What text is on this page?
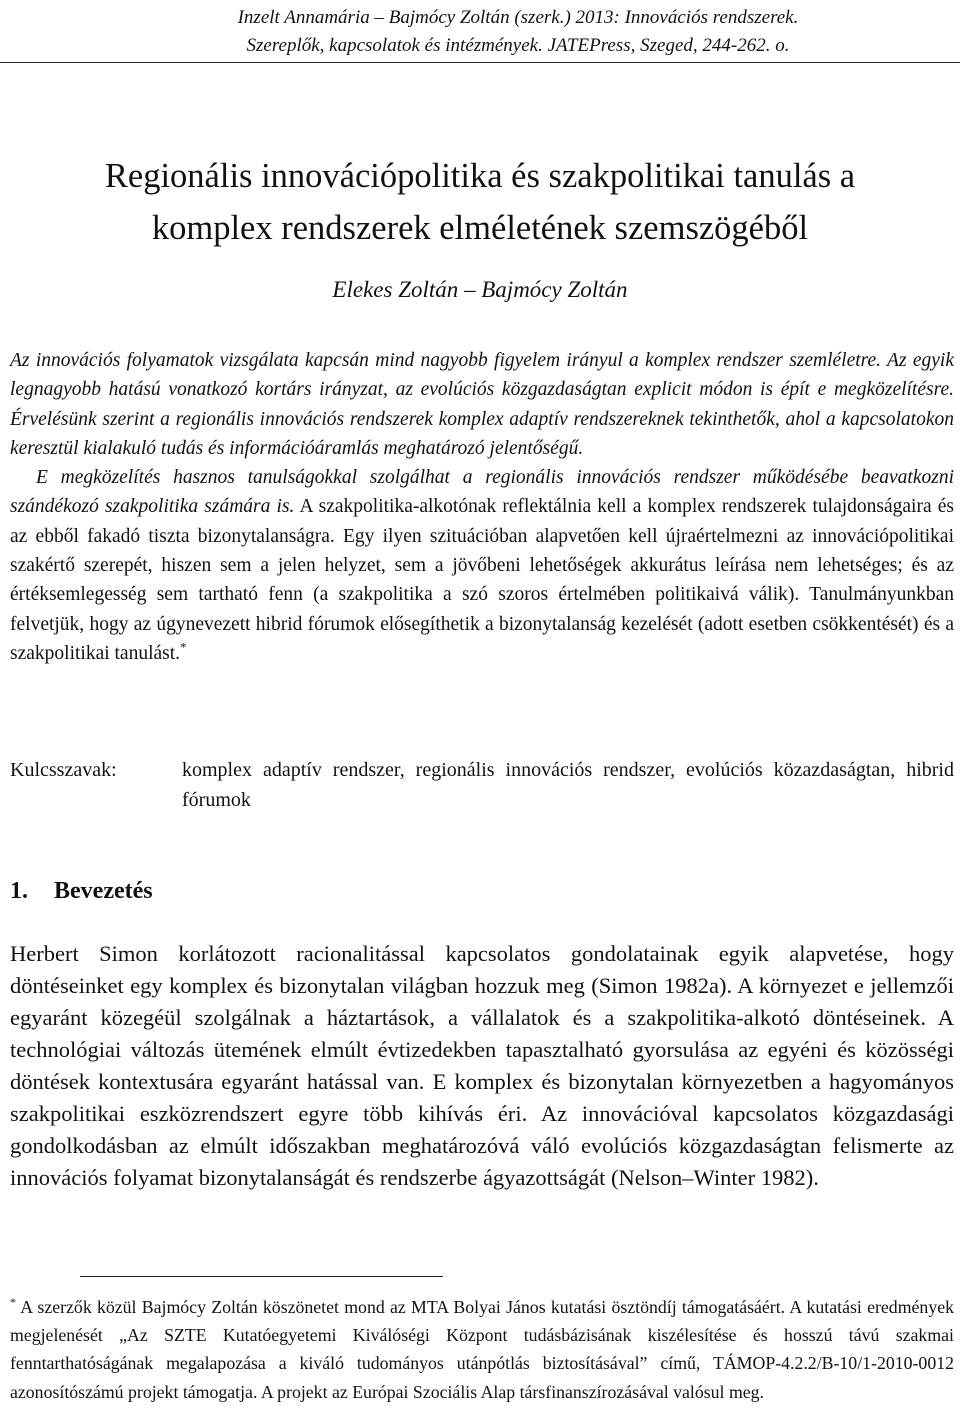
Inzelt Annamária – Bajmócy Zoltán (szerk.) 2013: Innovációs rendszerek.
Szereplők, kapcsolatok és intézmények. JATEPress, Szeged, 244-262. o.
Regionális innovációpolitika és szakpolitikai tanulás a
komplex rendszerek elméletének szemszögéből
Elekes Zoltán – Bajmócy Zoltán

Az innovációs folyamatok vizsgálata kapcsán mind nagyobb figyelem irányul a komplex rendszer szemléletre. Az egyik legnagyobb hatású vonatkozó kortárs irányzat, az evolúciós közgazdaságtan explicit módon is épít e megközelítésre. Érvelésünk szerint a regionális innovációs rendszerek komplex adaptív rendszereknek tekinthetők, ahol a kapcsolatokon keresztül kialakuló tudás és információáramlás meghatározó jelentőségű.

E megközelítés hasznos tanulságokkal szolgálhat a regionális innovációs rendszer működésébe beavatkozni szándékozó szakpolitika számára is. A szakpolitika-alkotónak reflektálnia kell a komplex rendszerek tulajdonságaira és az ebből fakadó tiszta bizonytalanságra. Egy ilyen szituációban alapvetően kell újraértelmezni az innovációpolitikai szakértő szerepét, hiszen sem a jelen helyzet, sem a jövőbeni lehetőségek akkurátus leírása nem lehetséges; és az értéksemlegesség sem tartható fenn (a szakpolitika a szó szoros értelmében politikaivá válik). Tanulmányunkban felvetjük, hogy az úgynevezett hibrid fórumok elősegíthetik a bizonytalanság kezelését (adott esetben csökkentését) és a szakpolitikai tanulást.*

Kulcsszavak:	komplex adaptív rendszer, regionális innovációs rendszer, evolúciós közazdaságtan, hibrid fórumok
1. Bevezetés

Herbert Simon korlátozott racionalitással kapcsolatos gondolatainak egyik alapvetése, hogy döntéseinket egy komplex és bizonytalan világban hozzuk meg (Simon 1982a). A környezet e jellemzői egyaránt közegéül szolgálnak a háztartások, a vállalatok és a szakpolitika-alkotó döntéseinek. A technológiai változás ütemének elmúlt évtizedekben tapasztalható gyorsulása az egyéni és közösségi döntések kontextusára egyaránt hatással van. E komplex és bizonytalan környezetben a hagyományos szakpolitikai eszközrendszert egyre több kihívás éri. Az innovációval kapcsolatos közgazdasági gondolkodásban az elmúlt időszakban meghatározóvá váló evolúciós közgazdaságtan felismerte az innovációs folyamat bizonytalanságát és rendszerbe ágyazottságát (Nelson–Winter 1982).

* A szerzők közül Bajmócy Zoltán köszönetet mond az MTA Bolyai János kutatási ösztöndíj támogatásáért. A kutatási eredmények megjelenését „Az SZTE Kutatóegyetemi Kiválóségi Központ tudásbázisának kiszélesítése és hosszú távú szakmai fenntarthatóságának megalapozása a kiváló tudományos utánpótlás biztosításával” című, TÁMOP-4.2.2/B-10/1-2010-0012 azonosítószámú projekt támogatja. A projekt az Európai Szociális Alap társfinanszírozásával valósul meg.
